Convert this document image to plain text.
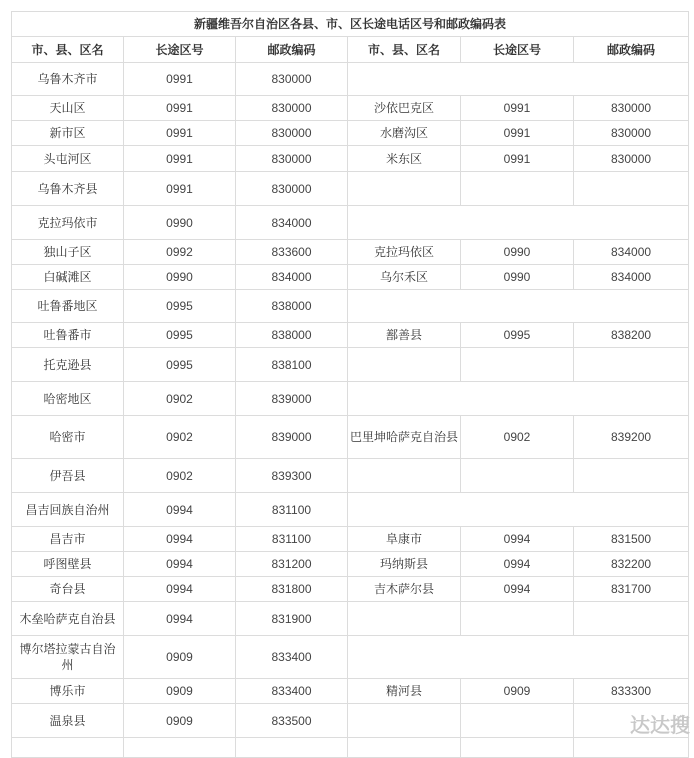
新疆维吾尔自治区各县、市、区长途电话区号和邮政编码表					
市、县、区名	长途区号	邮政编码	市、县、区名	长途区号	邮政编码
乌鲁木齐市	0991	830000			
天山区	0991	830000	沙依巴克区	0991	830000
新市区	0991	830000	水磨沟区	0991	830000
头屯河区	0991	830000	米东区	0991	830000
乌鲁木齐县	0991	830000			
克拉玛依市	0990	834000			
独山子区	0992	833600	克拉玛依区	0990	834000
白碱滩区	0990	834000	乌尔禾区	0990	834000
吐鲁番地区	0995	838000			
吐鲁番市	0995	838000	鄯善县	0995	838200
托克逊县	0995	838100			
哈密地区	0902	839000			
哈密市	0902	839000	巴里坤哈萨克自治县	0902	839200
伊吾县	0902	839300			
昌吉回族自治州	0994	831100			
昌吉市	0994	831100	阜康市	0994	831500
呼图壁县	0994	831200	玛纳斯县	0994	832200
奇台县	0994	831800	吉木萨尔县	0994	831700
木垒哈萨克自治县	0994	831900			
博尔塔拉蒙古自治州	0909	833400			
博乐市	0909	833400	精河县	0909	833300
温泉县	0909	833500			
						达达搜
